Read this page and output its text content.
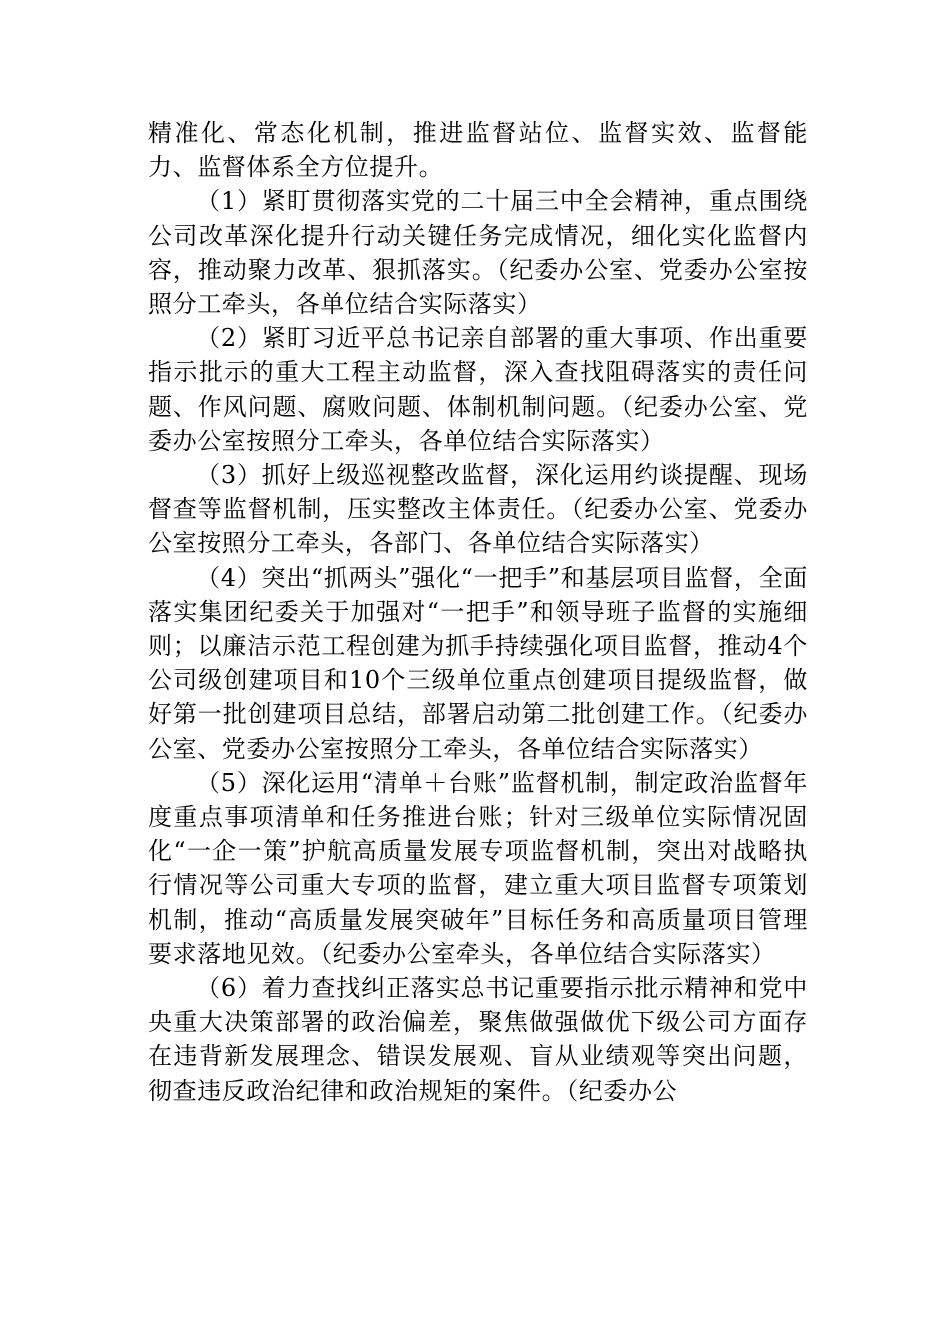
精准化、常态化机制，推进监督站位、监督实效、监督能力、监督体系全方位提升。

（1）紧盯贯彻落实党的二十届三中全会精神，重点围绕公司改革深化提升行动关键任务完成情况，细化实化监督内容，推动聚力改革、狠抓落实。（纪委办公室、党委办公室按照分工牵头，各单位结合实际落实）

（2）紧盯习近平总书记亲自部署的重大事项、作出重要指示批示的重大工程主动监督，深入查找阻碍落实的责任问题、作风问题、腐败问题、体制机制问题。（纪委办公室、党委办公室按照分工牵头，各单位结合实际落实）

（3）抓好上级巡视整改监督，深化运用约谈提醒、现场督查等监督机制，压实整改主体责任。（纪委办公室、党委办公室按照分工牵头，各部门、各单位结合实际落实）

（4）突出“抓两头”强化“一把手”和基层项目监督，全面落实集团纪委关于加强对“一把手”和领导班子监督的实施细则；以廉洁示范工程创建为抓手持续强化项目监督，推动4个公司级创建项目和10个三级单位重点创建项目提级监督，做好第一批创建项目总结，部署启动第二批创建工作。（纪委办公室、党委办公室按照分工牵头，各单位结合实际落实）

（5）深化运用“清单＋台账”监督机制，制定政治监督年度重点事项清单和任务推进台账；针对三级单位实际情况固化“一企一策”护航高质量发展专项监督机制，突出对战略执行情况等公司重大专项的监督，建立重大项目监督专项策划机制，推动“高质量发展突破年”目标任务和高质量项目管理要求落地见效。（纪委办公室牵头，各单位结合实际落实）

（6）着力查找纠正落实总书记重要指示批示精神和党中央重大决策部署的政治偏差，聚焦做强做优下级公司方面存在违背新发展理念、错误发展观、盲从业绩观等突出问题，彻查违反政治纪律和政治规矩的案件。（纪委办公
